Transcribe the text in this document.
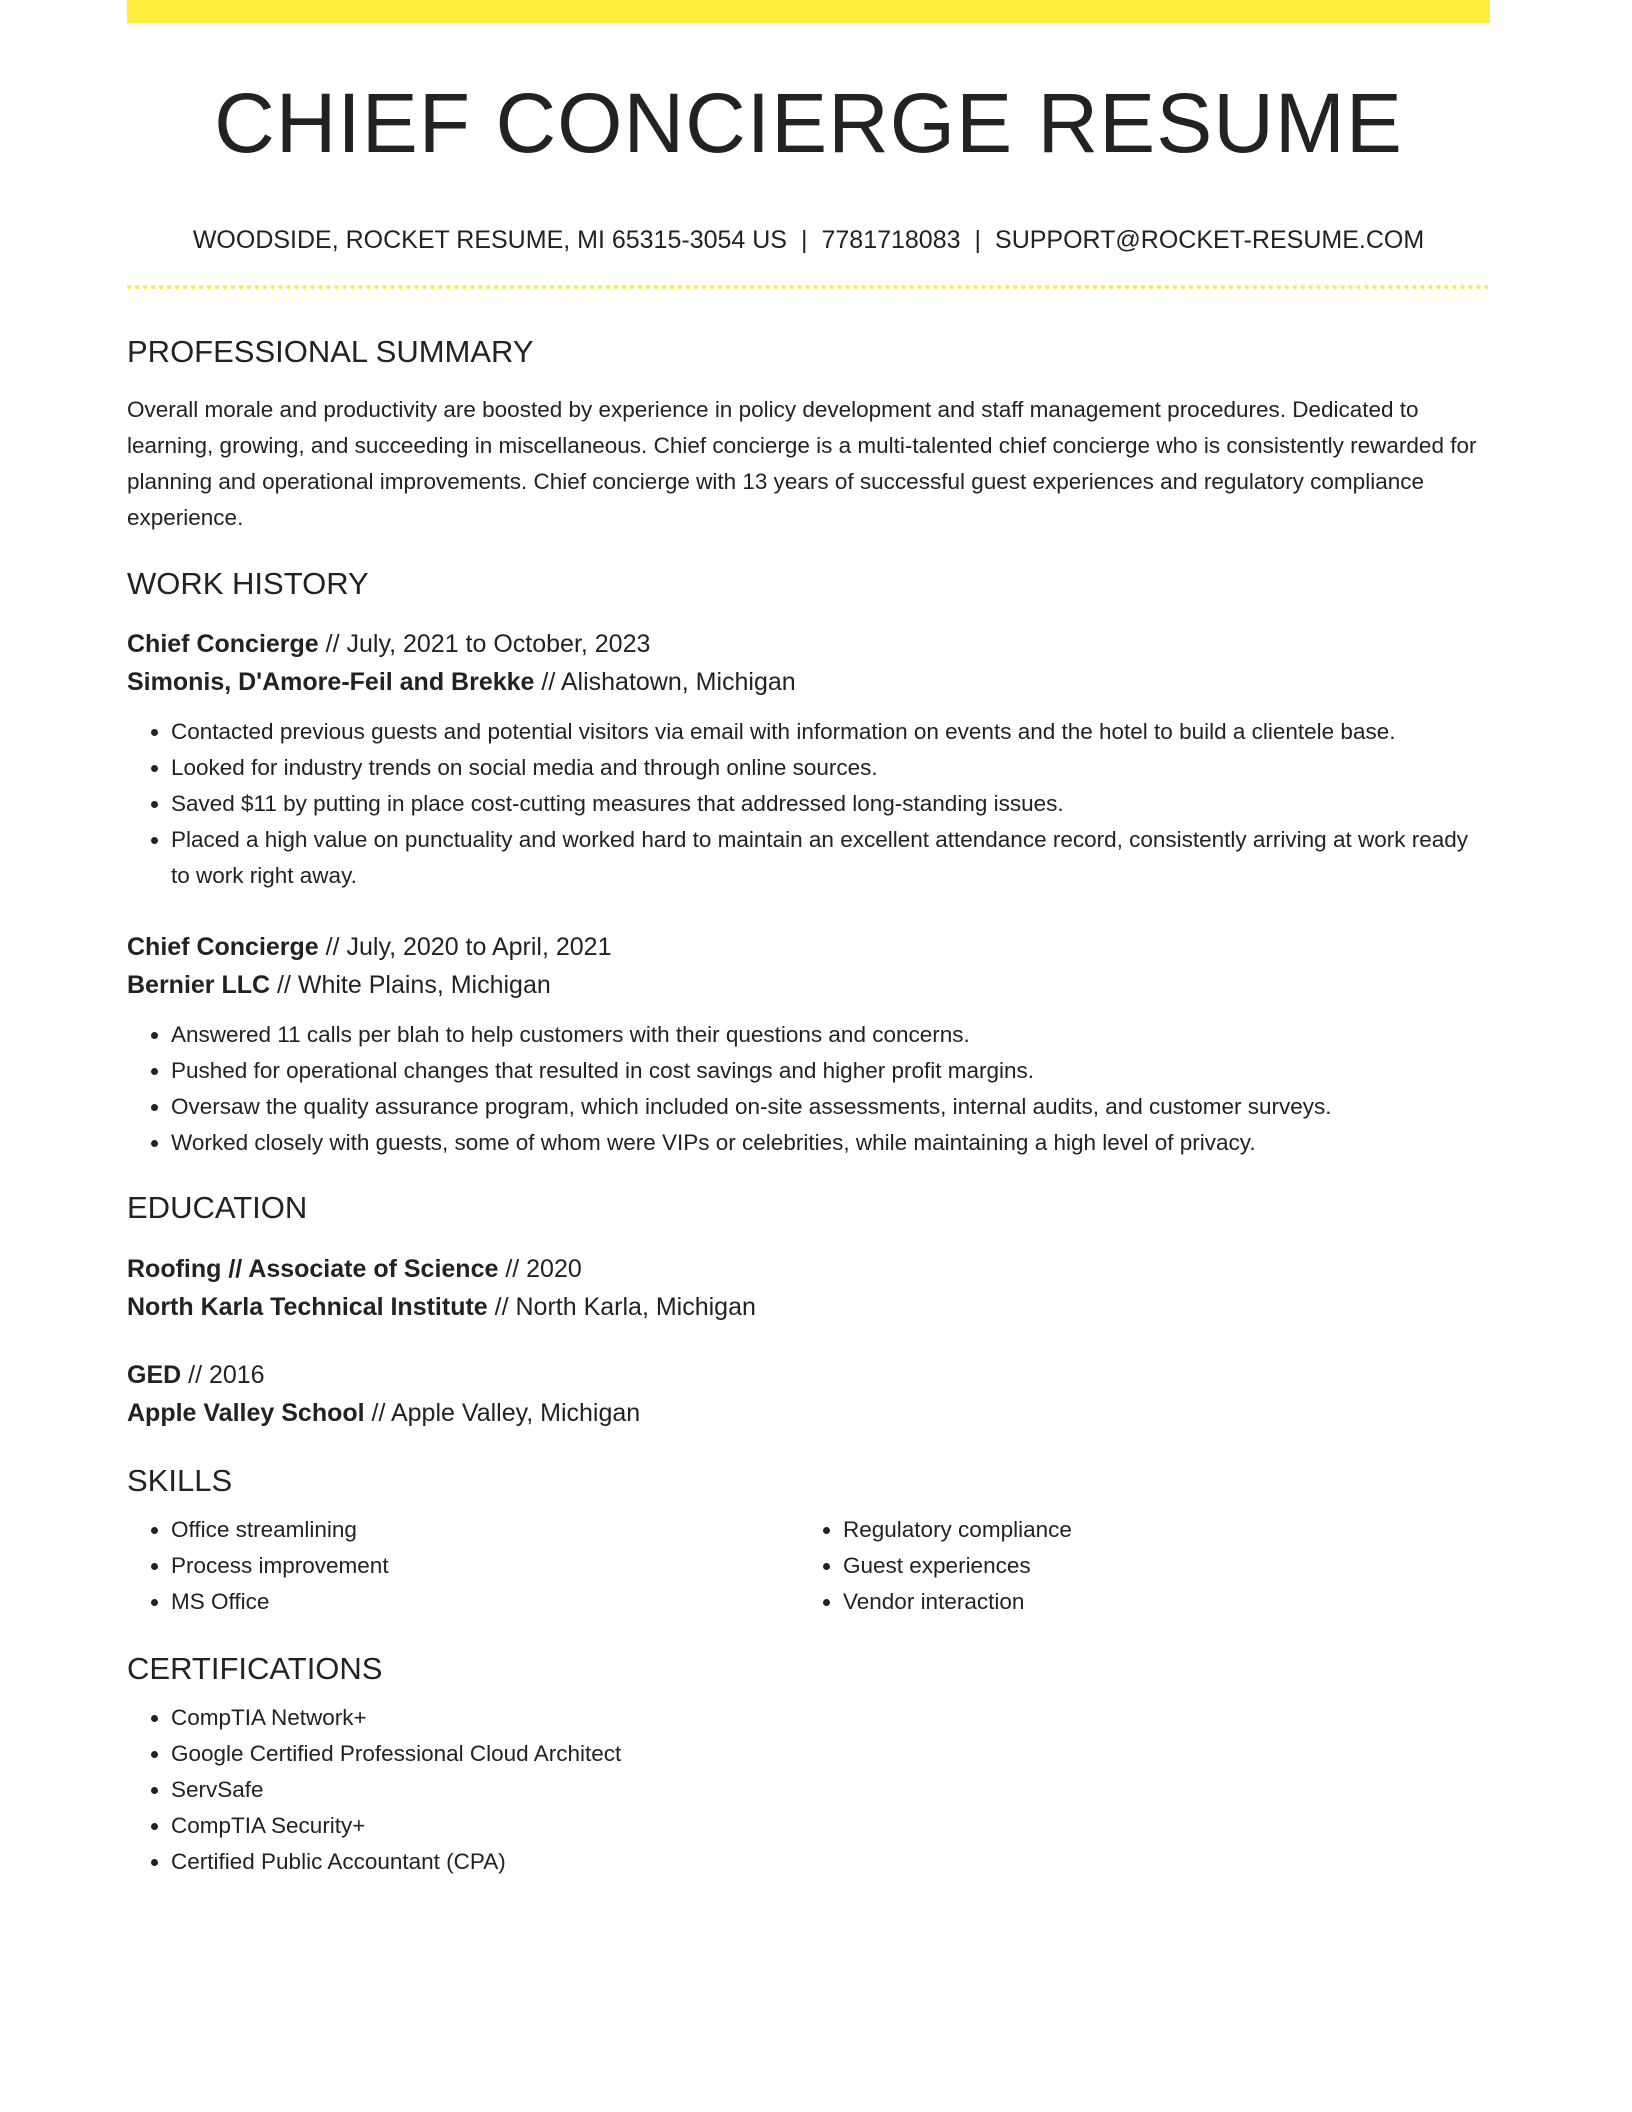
CHIEF CONCIERGE RESUME
WOODSIDE, ROCKET RESUME, MI 65315-3054 US | 7781718083 | SUPPORT@ROCKET-RESUME.COM
PROFESSIONAL SUMMARY
Overall morale and productivity are boosted by experience in policy development and staff management procedures. Dedicated to learning, growing, and succeeding in miscellaneous. Chief concierge is a multi-talented chief concierge who is consistently rewarded for planning and operational improvements. Chief concierge with 13 years of successful guest experiences and regulatory compliance experience.
WORK HISTORY
Chief Concierge // July, 2021 to October, 2023
Simonis, D'Amore-Feil and Brekke // Alishatown, Michigan
• Contacted previous guests and potential visitors via email with information on events and the hotel to build a clientele base.
• Looked for industry trends on social media and through online sources.
• Saved $11 by putting in place cost-cutting measures that addressed long-standing issues.
• Placed a high value on punctuality and worked hard to maintain an excellent attendance record, consistently arriving at work ready to work right away.
Chief Concierge // July, 2020 to April, 2021
Bernier LLC // White Plains, Michigan
• Answered 11 calls per blah to help customers with their questions and concerns.
• Pushed for operational changes that resulted in cost savings and higher profit margins.
• Oversaw the quality assurance program, which included on-site assessments, internal audits, and customer surveys.
• Worked closely with guests, some of whom were VIPs or celebrities, while maintaining a high level of privacy.
EDUCATION
Roofing // Associate of Science // 2020
North Karla Technical Institute // North Karla, Michigan
GED // 2016
Apple Valley School // Apple Valley, Michigan
SKILLS
• Office streamlining
• Process improvement
• MS Office
• Regulatory compliance
• Guest experiences
• Vendor interaction
CERTIFICATIONS
• CompTIA Network+
• Google Certified Professional Cloud Architect
• ServSafe
• CompTIA Security+
• Certified Public Accountant (CPA)
